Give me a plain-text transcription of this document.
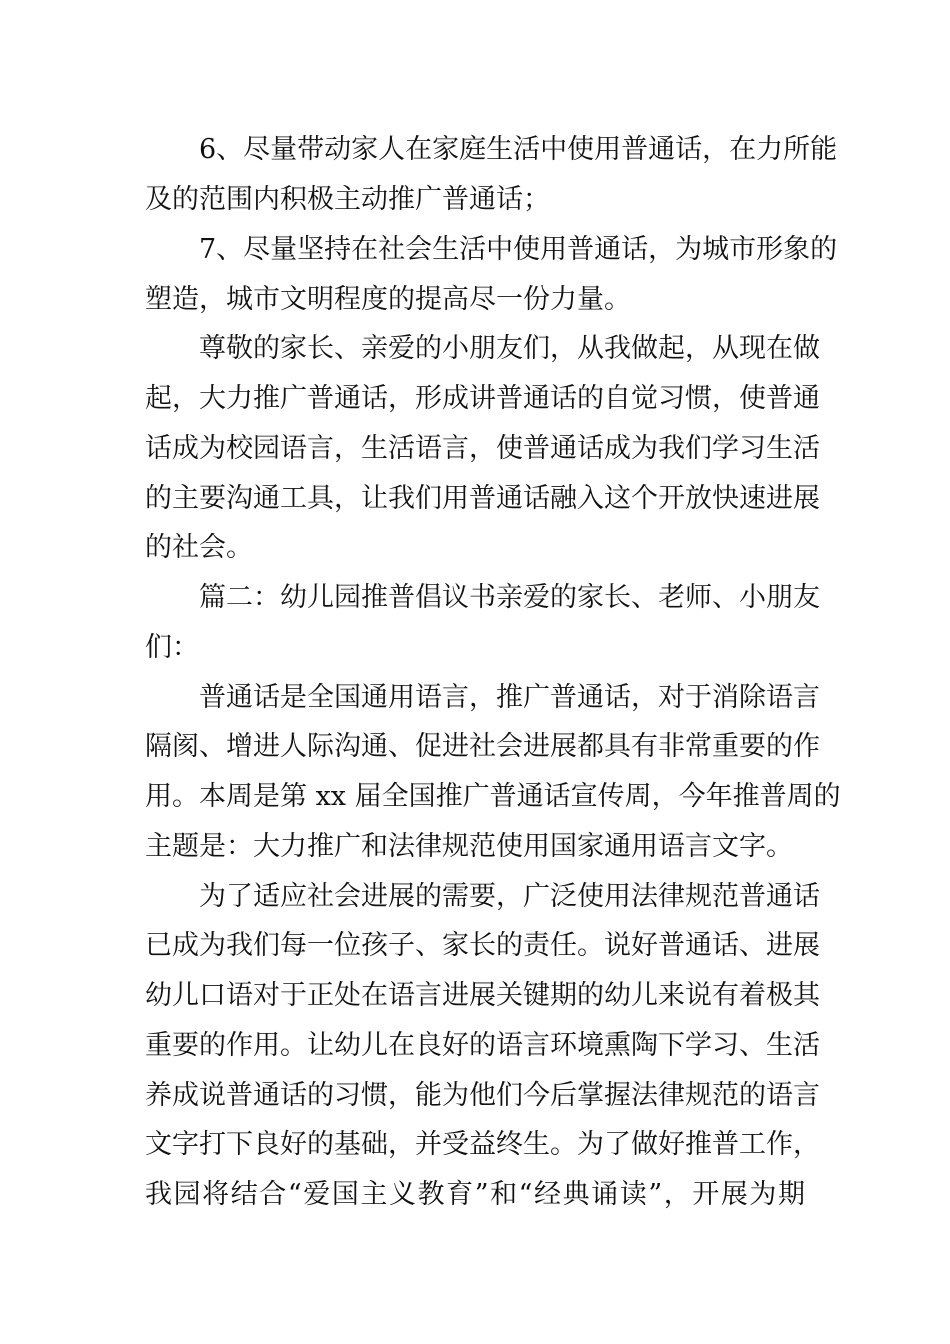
6、尽量带动家人在家庭生活中使用普通话，在力所能
及的范围内积极主动推广普通话；
7、尽量坚持在社会生活中使用普通话，为城市形象的
塑造，城市文明程度的提高尽一份力量。
尊敬的家长、亲爱的小朋友们，从我做起，从现在做
起，大力推广普通话，形成讲普通话的自觉习惯，使普通
话成为校园语言，生活语言，使普通话成为我们学习生活
的主要沟通工具，让我们用普通话融入这个开放快速进展
的社会。
篇二：幼儿园推普倡议书亲爱的家长、老师、小朋友
们：
普通话是全国通用语言，推广普通话，对于消除语言
隔阂、增进人际沟通、促进社会进展都具有非常重要的作
用。本周是第 xx 届全国推广普通话宣传周，今年推普周的
主题是：大力推广和法律规范使用国家通用语言文字。
为了适应社会进展的需要，广泛使用法律规范普通话
已成为我们每一位孩子、家长的责任。说好普通话、进展
幼儿口语对于正处在语言进展关键期的幼儿来说有着极其
重要的作用。让幼儿在良好的语言环境熏陶下学习、生活
养成说普通话的习惯，能为他们今后掌握法律规范的语言
文字打下良好的基础，并受益终生。为了做好推普工作，
我园将结合“爱国主义教育”和“经典诵读”，开展为期
